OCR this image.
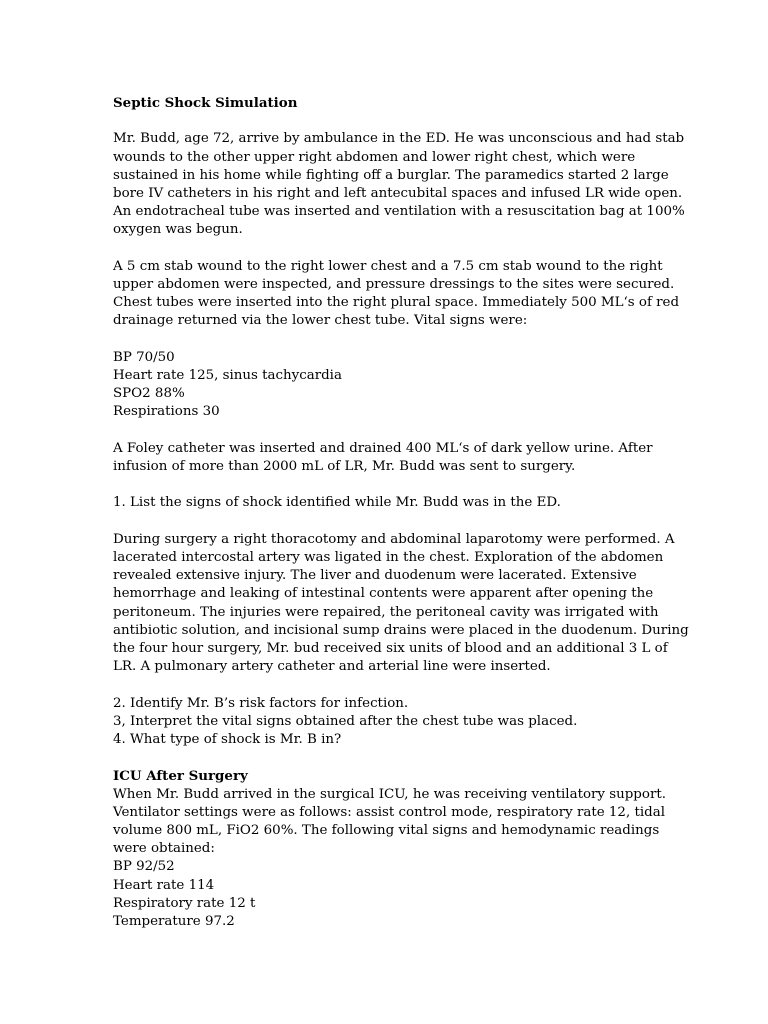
Septic Shock Simulation

Mr. Budd, age 72, arrive by ambulance in the ED. He was unconscious and had stab
wounds to the other upper right abdomen and lower right chest, which were
sustained in his home while fighting off a burglar. The paramedics started 2 large
bore IV catheters in his right and left antecubital spaces and infused LR wide open.
An endotracheal tube was inserted and ventilation with a resuscitation bag at 100%
oxygen was begun.

A 5 cm stab wound to the right lower chest and a 7.5 cm stab wound to the right
upper abdomen were inspected, and pressure dressings to the sites were secured.
Chest tubes were inserted into the right plural space. Immediately 500 ML‘s of red
drainage returned via the lower chest tube. Vital signs were:

BP 70/50
Heart rate 125, sinus tachycardia
SPO2 88%
Respirations 30

A Foley catheter was inserted and drained 400 ML‘s of dark yellow urine. After
infusion of more than 2000 mL of LR, Mr. Budd was sent to surgery.

1. List the signs of shock identified while Mr. Budd was in the ED.

During surgery a right thoracotomy and abdominal laparotomy were performed. A
lacerated intercostal artery was ligated in the chest. Exploration of the abdomen
revealed extensive injury. The liver and duodenum were lacerated. Extensive
hemorrhage and leaking of intestinal contents were apparent after opening the
peritoneum. The injuries were repaired, the peritoneal cavity was irrigated with
antibiotic solution, and incisional sump drains were placed in the duodenum. During
the four hour surgery, Mr. bud received six units of blood and an additional 3 L of
LR. A pulmonary artery catheter and arterial line were inserted.

2. Identify Mr. B’s risk factors for infection.
3, Interpret the vital signs obtained after the chest tube was placed.
4. What type of shock is Mr. B in?

ICU After Surgery

When Mr. Budd arrived in the surgical ICU, he was receiving ventilatory support.
Ventilator settings were as follows: assist control mode, respiratory rate 12, tidal
volume 800 mL, FiO2 60%. The following vital signs and hemodynamic readings
were obtained:

BP 92/52
Heart rate 114
Respiratory rate 12 t
Temperature 97.2
